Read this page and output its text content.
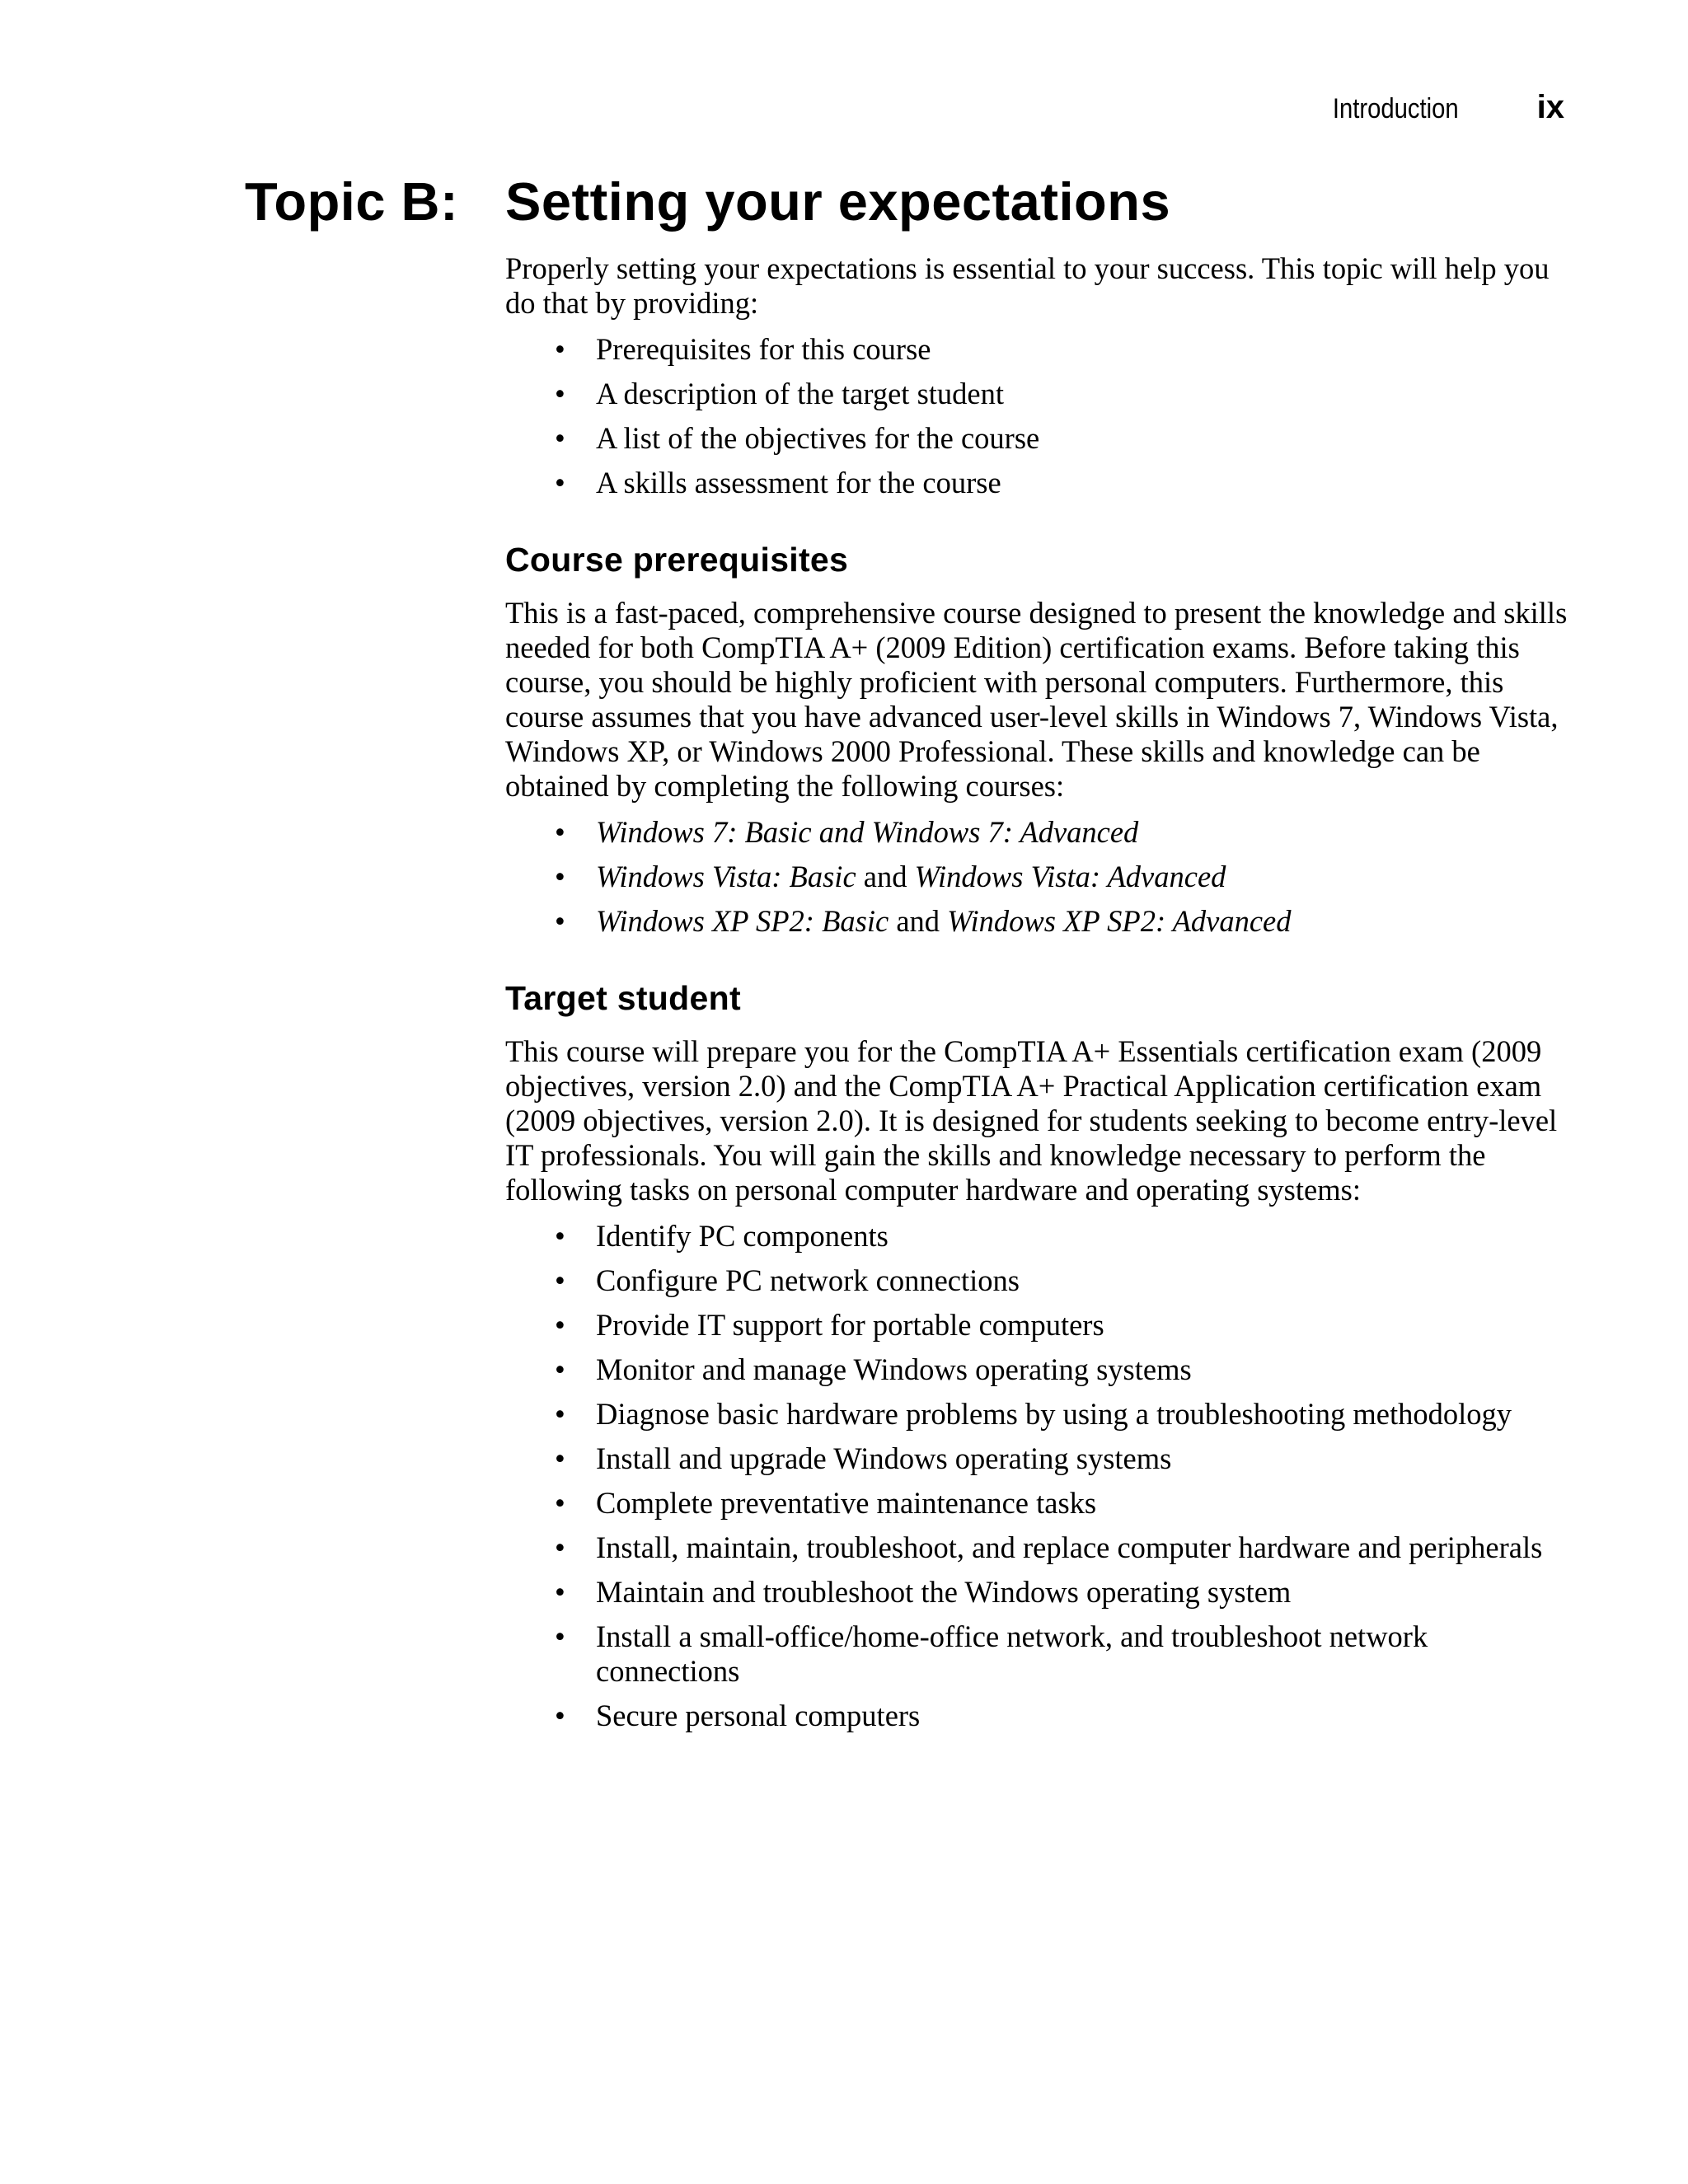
Introduction ix
Topic B: Setting your expectations

Properly setting your expectations is essential to your success. This topic will help you do that by providing:

• Prerequisites for this course
• A description of the target student
• A list of the objectives for the course
• A skills assessment for the course
Course prerequisites

This is a fast-paced, comprehensive course designed to present the knowledge and skills needed for both CompTIA A+ (2009 Edition) certification exams. Before taking this course, you should be highly proficient with personal computers. Furthermore, this course assumes that you have advanced user-level skills in Windows 7, Windows Vista, Windows XP, or Windows 2000 Professional. These skills and knowledge can be obtained by completing the following courses:

• Windows 7: Basic and Windows 7: Advanced
• Windows Vista: Basic and Windows Vista: Advanced
• Windows XP SP2: Basic and Windows XP SP2: Advanced
Target student

This course will prepare you for the CompTIA A+ Essentials certification exam (2009 objectives, version 2.0) and the CompTIA A+ Practical Application certification exam (2009 objectives, version 2.0). It is designed for students seeking to become entry-level IT professionals. You will gain the skills and knowledge necessary to perform the following tasks on personal computer hardware and operating systems:

• Identify PC components
• Configure PC network connections
• Provide IT support for portable computers
• Monitor and manage Windows operating systems
• Diagnose basic hardware problems by using a troubleshooting methodology
• Install and upgrade Windows operating systems
• Complete preventative maintenance tasks
• Install, maintain, troubleshoot, and replace computer hardware and peripherals
• Maintain and troubleshoot the Windows operating system
• Install a small-office/home-office network, and troubleshoot network connections
• Secure personal computers
